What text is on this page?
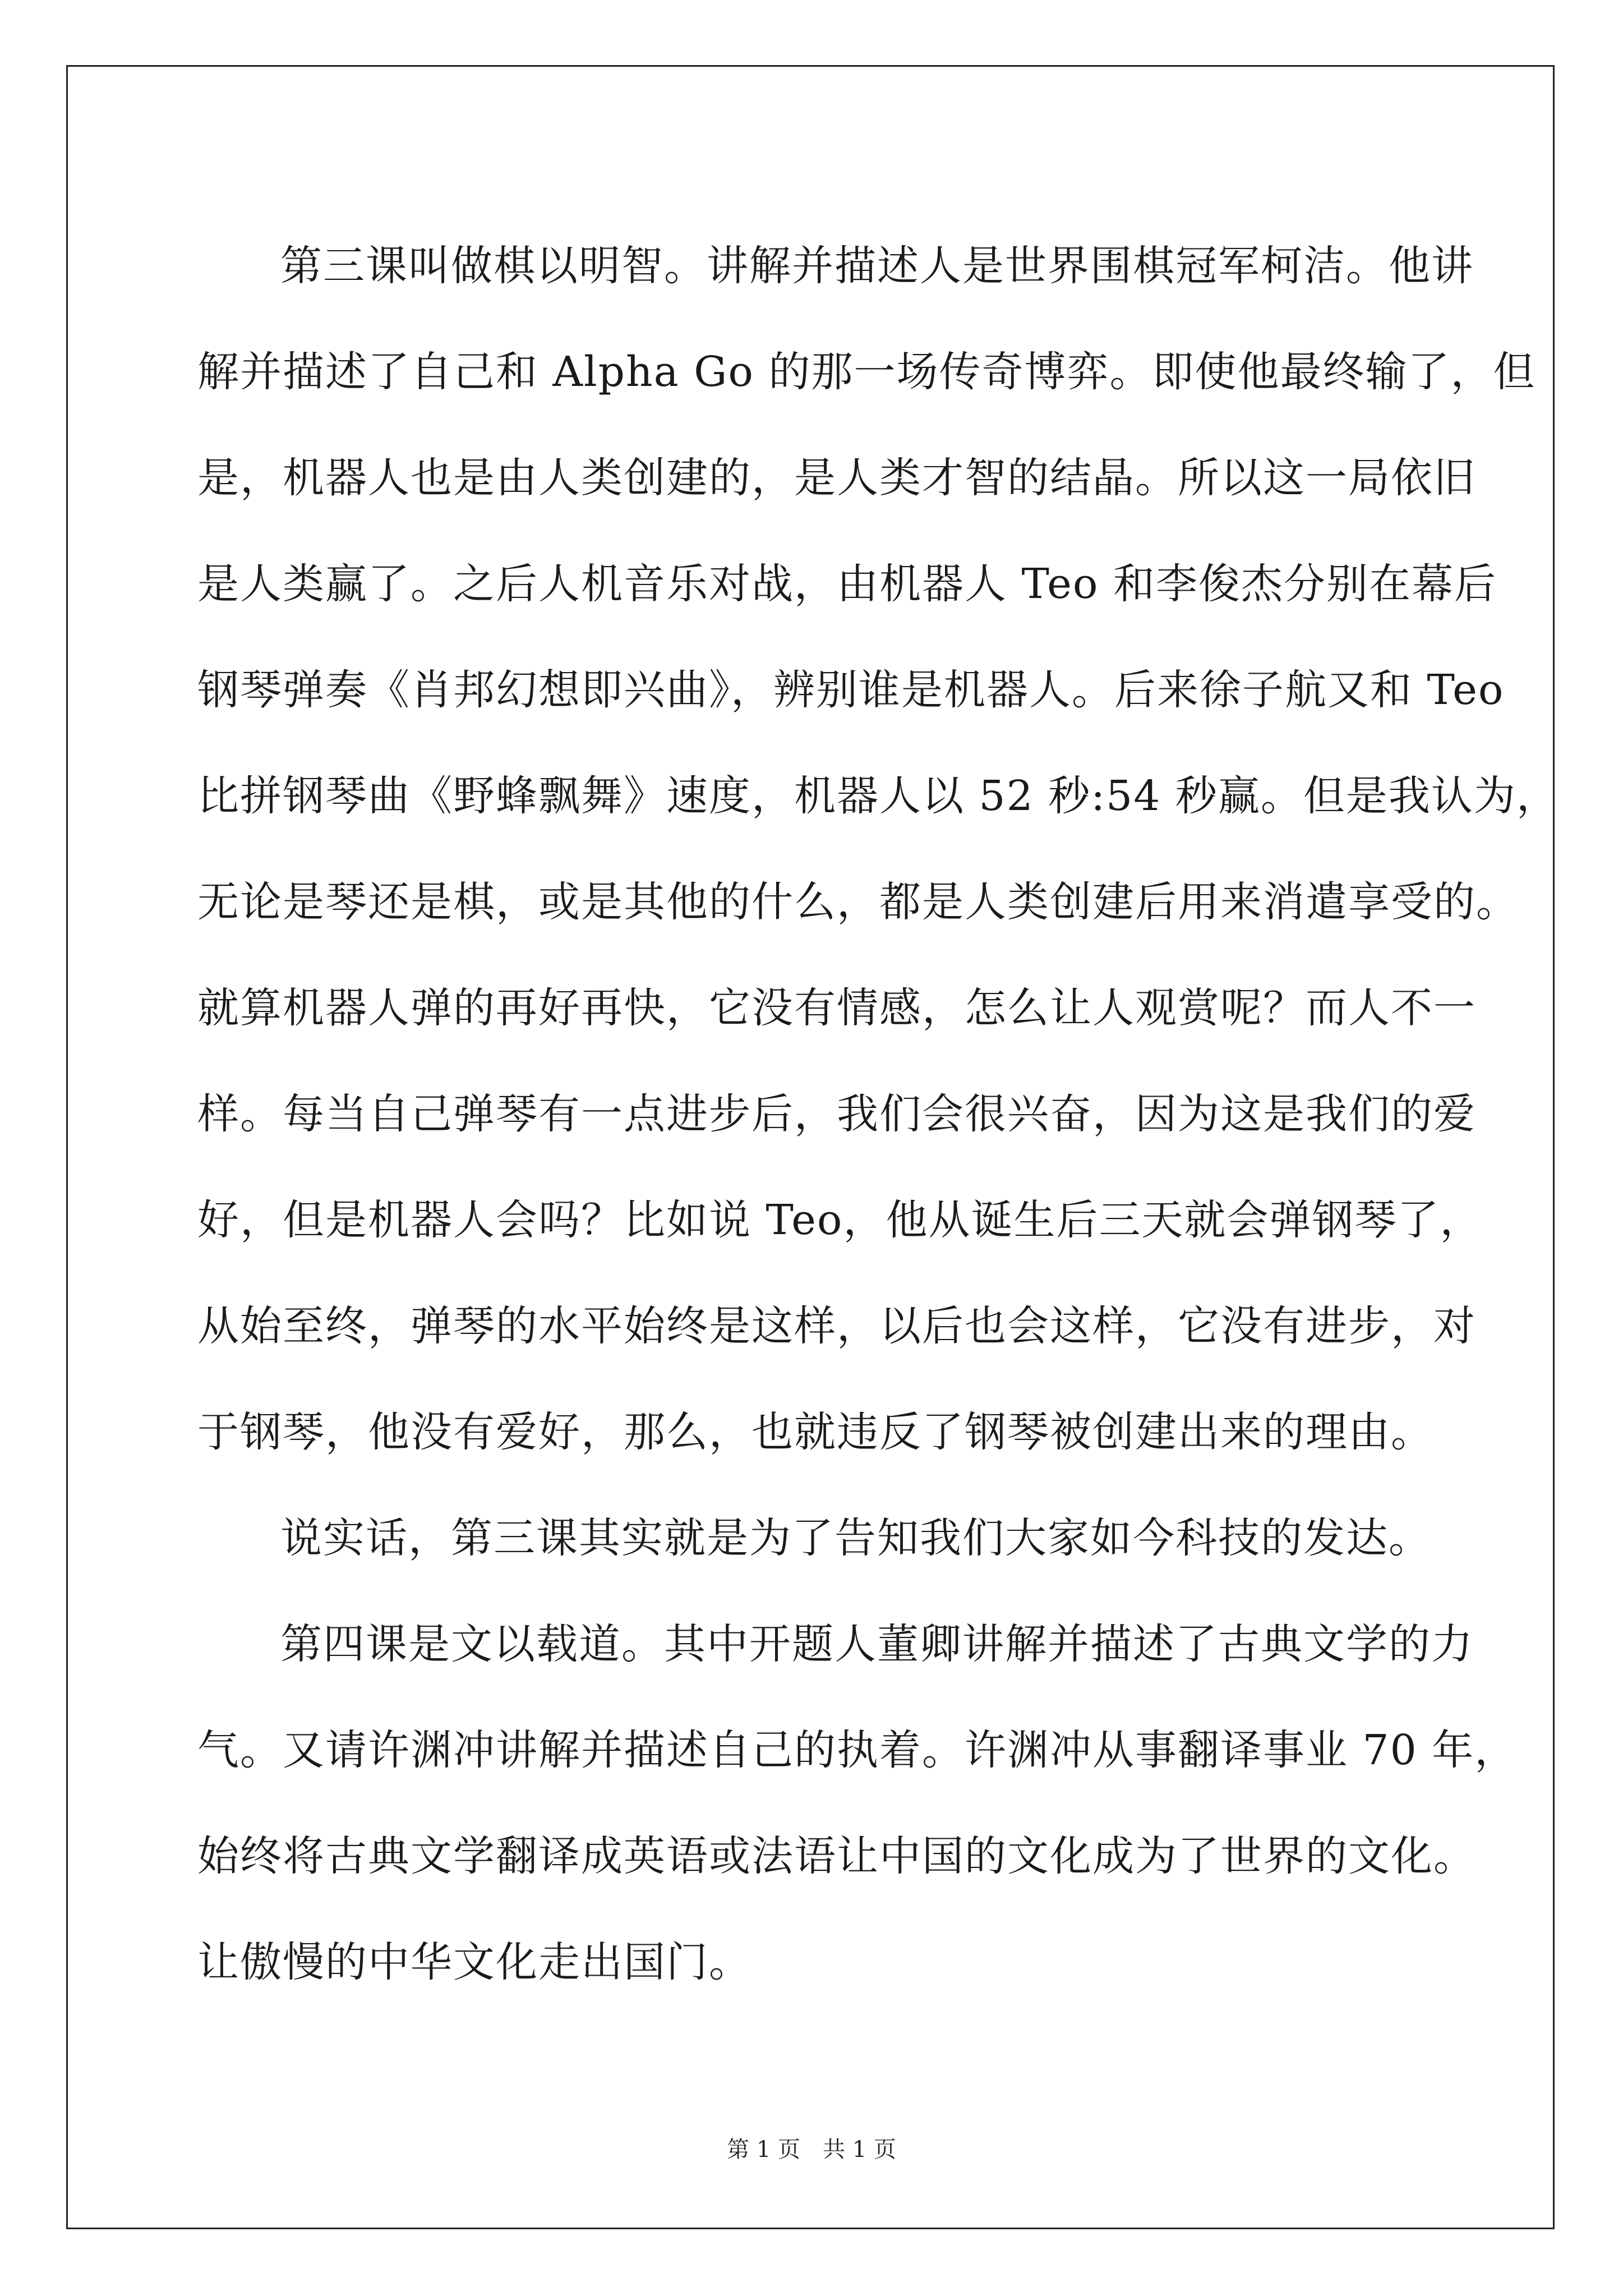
第三课叫做棋以明智。讲解并描述人是世界围棋冠军柯洁。他讲
解并描述了自己和 Alpha Go 的那一场传奇博弈。即使他最终输了，但
是，机器人也是由人类创建的，是人类才智的结晶。所以这一局依旧
是人类赢了。之后人机音乐对战，由机器人 Teo 和李俊杰分别在幕后
钢琴弹奏《肖邦幻想即兴曲》，辨别谁是机器人。后来徐子航又和 Teo
比拼钢琴曲《野蜂飘舞》速度，机器人以 52 秒:54 秒赢。但是我认为，
无论是琴还是棋，或是其他的什么，都是人类创建后用来消遣享受的。
就算机器人弹的再好再快，它没有情感，怎么让人观赏呢？而人不一
样。每当自己弹琴有一点进步后，我们会很兴奋，因为这是我们的爱
好，但是机器人会吗？比如说 Teo，他从诞生后三天就会弹钢琴了，
从始至终，弹琴的水平始终是这样，以后也会这样，它没有进步，对
于钢琴，他没有爱好，那么，也就违反了钢琴被创建出来的理由。

说实话，第三课其实就是为了告知我们大家如今科技的发达。

第四课是文以载道。其中开题人董卿讲解并描述了古典文学的力
气。又请许渊冲讲解并描述自己的执着。许渊冲从事翻译事业 70 年，
始终将古典文学翻译成英语或法语让中国的文化成为了世界的文化。
让傲慢的中华文化走出国门。

第 1 页　共 1 页
